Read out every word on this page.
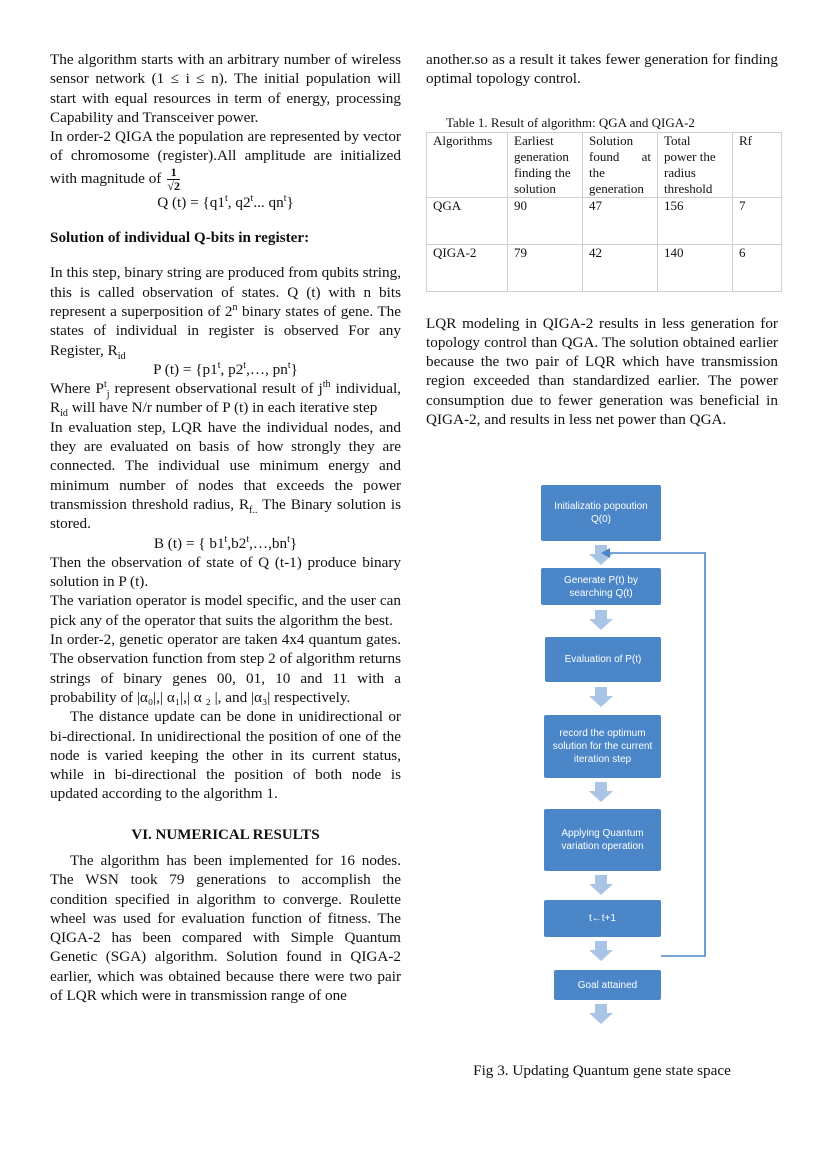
The algorithm starts with an arbitrary number of wireless sensor network (1 ≤ i ≤ n). The initial population will start with equal resources in term of energy, processing Capability and Transceiver power.

In order-2 QIGA the population are represented by vector of chromosome (register).All amplitude are initialized with magnitude of $\frac{1}{√2}$

Q $(t) = \{q1^t$, q2$^t$... $qn^t$}

Solution of individual Q-bits in register:

In this step, binary string are produced from qubits string, this is called observation of states. Q (t) with n bits represent a superposition of 2$^n$ binary states of gene. The states of individual in register is observed For any Register, $R_{id}$

P $(t) = \{p1^t$, p2$^t$,…, $pn^t$}

Where $P^t_j$ represent observational result of $j^{th}$ individual, $R_{id}$ will have N/r number of P (t) in each iterative step

In evaluation step, LQR have the individual nodes, and they are evaluated on basis of how strongly they are connected. The individual use minimum energy and minimum number of nodes that exceeds the power transmission threshold radius, $R_{f..}$ The Binary solution is stored.

B (t) = { $b1^t,b2^t,\dots,bn^t$}

Then the observation of state of Q (t-1) produce binary solution in P (t).

The variation operator is model specific, and the user can pick any of the operator that suits the algorithm the best.

In order-2, genetic operator are taken 4x4 quantum gates. The observation function from step 2 of algorithm returns strings of binary genes 00, 01, 10 and 11 with a probability of |α₀|,| α₁|,| α ₂ |, and |α₃| respectively.

The distance update can be done in unidirectional or bi-directional. In unidirectional the position of one of the node is varied keeping the other in its current status, while in bi-directional the position of both node is updated according to the algorithm 1.

VI. NUMERICAL RESULTS

The algorithm has been implemented for 16 nodes. The WSN took 79 generations to accomplish the condition specified in algorithm to converge. Roulette wheel was used for evaluation function of fitness. The QIGA-2 has been compared with Simple Quantum Genetic (SGA) algorithm. Solution found in QIGA-2 earlier, which was obtained because there were two pair of LQR which were in transmission range of one

another.so as a result it takes fewer generation for finding optimal topology control.

Table 1. Result of algorithm: QGA and QIGA-2

Algorithms	Earliest generation finding the solution	Solution found at the generation	Total power the radius threshold	Rf
QGA	90	47	156	7
QIGA-2	79	42	140	6

LQR modeling in QIGA-2 results in less generation for topology control than QGA. The solution obtained earlier because the two pair of LQR which have transmission region exceeded than standardized earlier. The power consumption due to fewer generation was beneficial in QIGA-2, and results in less net power than QGA.

Initializatio popoution Q(0)
Generate P(t) by searching Q(t)
Evaluation of P(t)
record the optimum solution for the current iteration step
Applying Quantum variation operation
t←t+1
Goal attained

Fig 3. Updating Quantum gene state space
